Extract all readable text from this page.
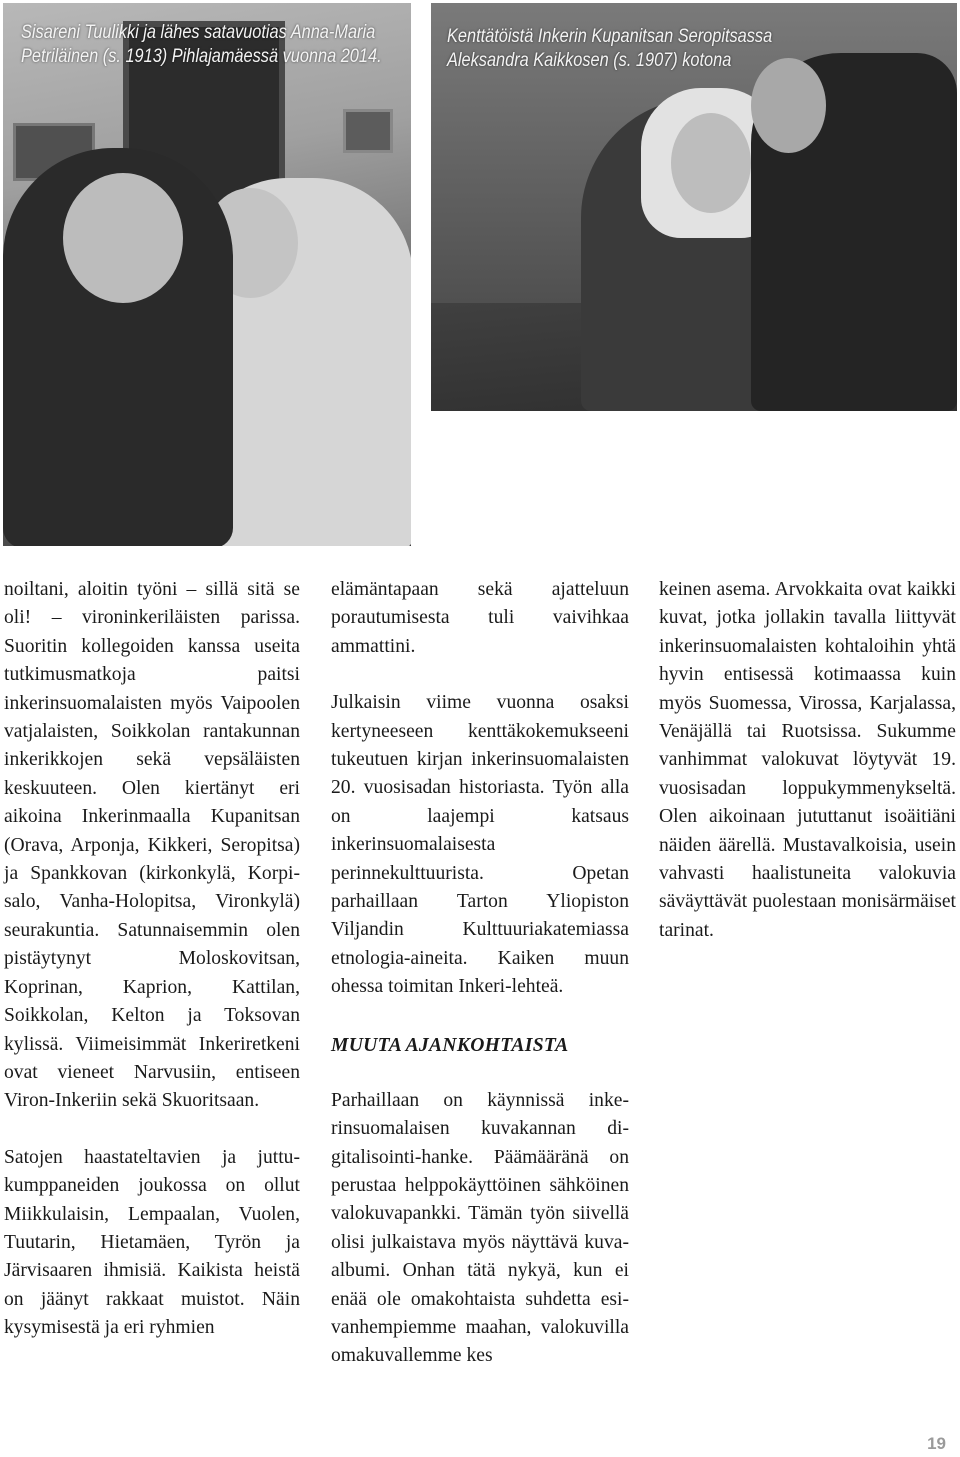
Sisareni Tuulikki ja lähes satavuotias Anna-Maria
Petriläinen (s. 1913) Pihlajamäessä vuonna 2014.
Kenttätöistä Inkerin Kupanitsan Seropitsassa
Aleksandra Kaikkosen (s. 1907) kotona

noiltani, aloitin työni – sillä sitä se oli! – vironinkeriläisten parissa. Suoritin kollegoiden kanssa useita tutkimusmatkoja paitsi inkerinsuomalaisten myös Vaipoolen vatjalaisten, Soikkolan rantakunnan inkerikkojen sekä vepsäläisten keskuuteen. Olen kiertänyt eri aikoina Inkerinmaalla Kupanitsan (Orava, Arponja, Kikkeri, Seropitsa) ja Spankkovan (kirkonkylä, Korpisalo, Vanha-Holopitsa, Vironkylä) seurakuntia. Satunnaisemmin olen pistäytynyt Moloskovitsan, Koprinan, Kaprion, Kattilan, Soikkolan, Kelton ja Toksovan kylissä. Viimeisimmät Inkeriretkeni ovat vieneet Narvusiin, entiseen Viron-Inkeriin sekä Skuoritsaan.

Satojen haastateltavien ja juttukumppaneiden joukossa on ollut Miikkulaisin, Lempaalan, Vuolen, Tuutarin, Hietamäen, Tyrön ja Järvisaaren ihmisiä. Kaikista heistä on jäänyt rakkaat muistot. Näin kysymisestä ja eri ryhmien

elämäntapaan sekä ajatteluun porautumisesta tuli vaivihkaa ammattini.

Julkaisin viime vuonna osaksi kertyneeseen kenttäkokemukseeni tukeutuen kirjan inkerinsuomalaisten 20. vuosisadan historiasta. Työn alla on laajempi katsaus inkerinsuomalaisesta perinnekulttuurista. Opetan parhaillaan Tarton Yliopiston Viljandin Kulttuuriakatemiassa etnologia-aineita. Kaiken muun ohessa toimitan Inkeri-lehteä.

MUUTA AJANKOHTAISTA

Parhaillaan on käynnissä inkerinsuomalaisen kuvakannan digitalisointi-hanke. Päämääränä on perustaa helppokäyttöinen sähköinen valokuvapankki. Tämän työn siivellä olisi julkaistava myös näyttävä kuva-albumi. Onhan tätä nykyä, kun ei enää ole omakohtaista suhdetta esivanhempiemme maahan, valokuvilla omakuvallemme kes

keinen asema. Arvokkaita ovat kaikki kuvat, jotka jollakin tavalla liittyvät inkerinsuomalaisten kohtaloihin yhtä hyvin entisessä kotimaassa kuin myös Suomessa, Virossa, Karjalassa, Venäjällä tai Ruotsissa. Sukumme vanhimmat valokuvat löytyvät 19. vuosisadan loppukymmenykseltä. Olen aikoinaan jututtanut isoäitiäni näiden äärellä. Mustavalkoisia, usein vahvasti haalistuneita valokuvia säväyttävät puolestaan monisärmäiset tarinat.

19
